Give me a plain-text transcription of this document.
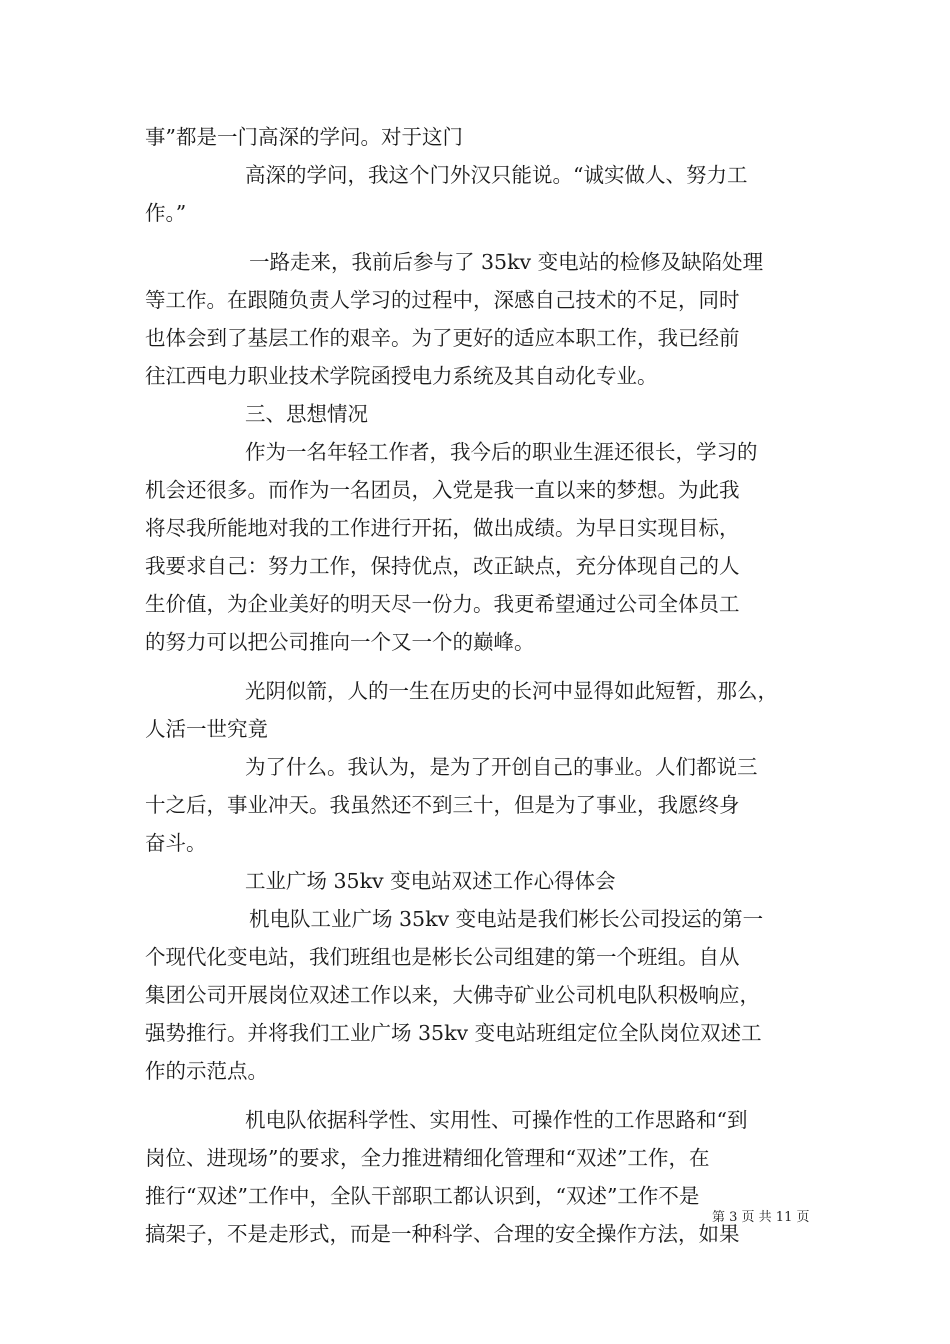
事”都是一门高深的学问。对于这门

高深的学问，我这个门外汉只能说。“诚实做人、努力工

作。”

一路走来，我前后参与了 35kv 变电站的检修及缺陷处理

等工作。在跟随负责人学习的过程中，深感自己技术的不足，同时

也体会到了基层工作的艰辛。为了更好的适应本职工作，我已经前

往江西电力职业技术学院函授电力系统及其自动化专业。

三、思想情况

作为一名年轻工作者，我今后的职业生涯还很长，学习的

机会还很多。而作为一名团员，入党是我一直以来的梦想。为此我

将尽我所能地对我的工作进行开拓，做出成绩。为早日实现目标，

我要求自己：努力工作，保持优点，改正缺点，充分体现自己的人

生价值，为企业美好的明天尽一份力。我更希望通过公司全体员工

的努力可以把公司推向一个又一个的巅峰。

光阴似箭，人的一生在历史的长河中显得如此短暂，那么，

人活一世究竟

为了什么。我认为，是为了开创自己的事业。人们都说三

十之后，事业冲天。我虽然还不到三十，但是为了事业，我愿终身

奋斗。

工业广场 35kv 变电站双述工作心得体会

机电队工业广场 35kv 变电站是我们彬长公司投运的第一

个现代化变电站，我们班组也是彬长公司组建的第一个班组。自从

集团公司开展岗位双述工作以来，大佛寺矿业公司机电队积极响应，

强势推行。并将我们工业广场 35kv 变电站班组定位全队岗位双述工

作的示范点。

机电队依据科学性、实用性、可操作性的工作思路和“到

岗位、进现场”的要求，全力推进精细化管理和“双述”工作，在

推行“双述”工作中，全队干部职工都认识到，“双述”工作不是

搞架子，不是走形式，而是一种科学、合理的安全操作方法，如果

第 3 页 共 11 页
